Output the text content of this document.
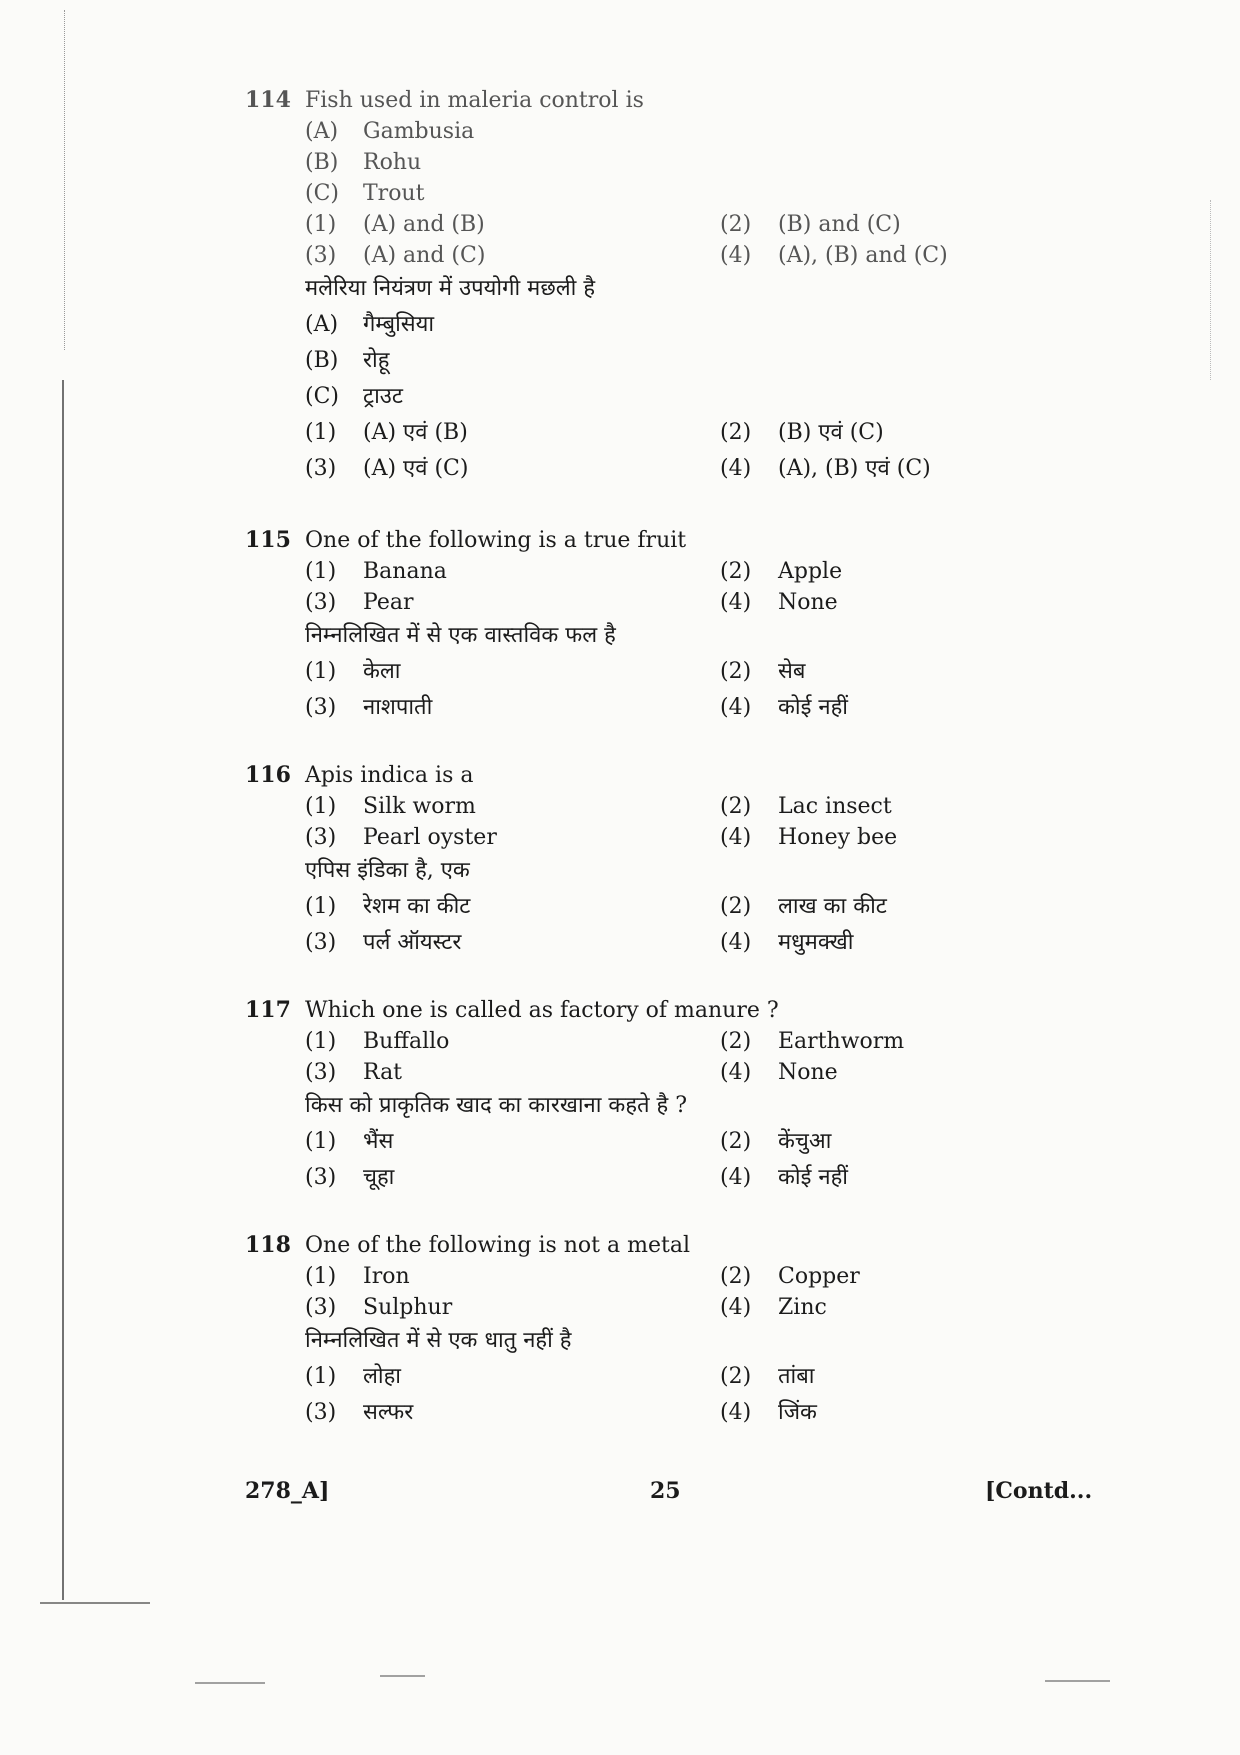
114 Fish used in maleria control is
(A) Gambusia
(B) Rohu
(C) Trout
(1) (A) and (B)	(2) (B) and (C)
(3) (A) and (C)	(4) (A), (B) and (C)
मलेरिया नियंत्रण में उपयोगी मछली है
(A) गैम्बुसिया
(B) रोहू
(C) ट्राउट
(1) (A) एवं (B)	(2) (B) एवं (C)
(3) (A) एवं (C)	(4) (A), (B) एवं (C)
115 One of the following is a true fruit
(1) Banana	(2) Apple
(3) Pear	(4) None
निम्नलिखित में से एक वास्तविक फल है
(1) केला	(2) सेब
(3) नाशपाती	(4) कोई नहीं
116 Apis indica is a
(1) Silk worm	(2) Lac insect
(3) Pearl oyster	(4) Honey bee
एपिस इंडिका है, एक
(1) रेशम का कीट	(2) लाख का कीट
(3) पर्ल ऑयस्टर	(4) मधुमक्खी
117 Which one is called as factory of manure ?
(1) Buffallo	(2) Earthworm
(3) Rat	(4) None
किस को प्राकृतिक खाद का कारखाना कहते है ?
(1) भैंस	(2) केंचुआ
(3) चूहा	(4) कोई नहीं
118 One of the following is not a metal
(1) Iron	(2) Copper
(3) Sulphur	(4) Zinc
निम्नलिखित में से एक धातु नहीं है
(1) लोहा	(2) तांबा
(3) सल्फर	(4) जिंक
278_A]	25	[Contd...
